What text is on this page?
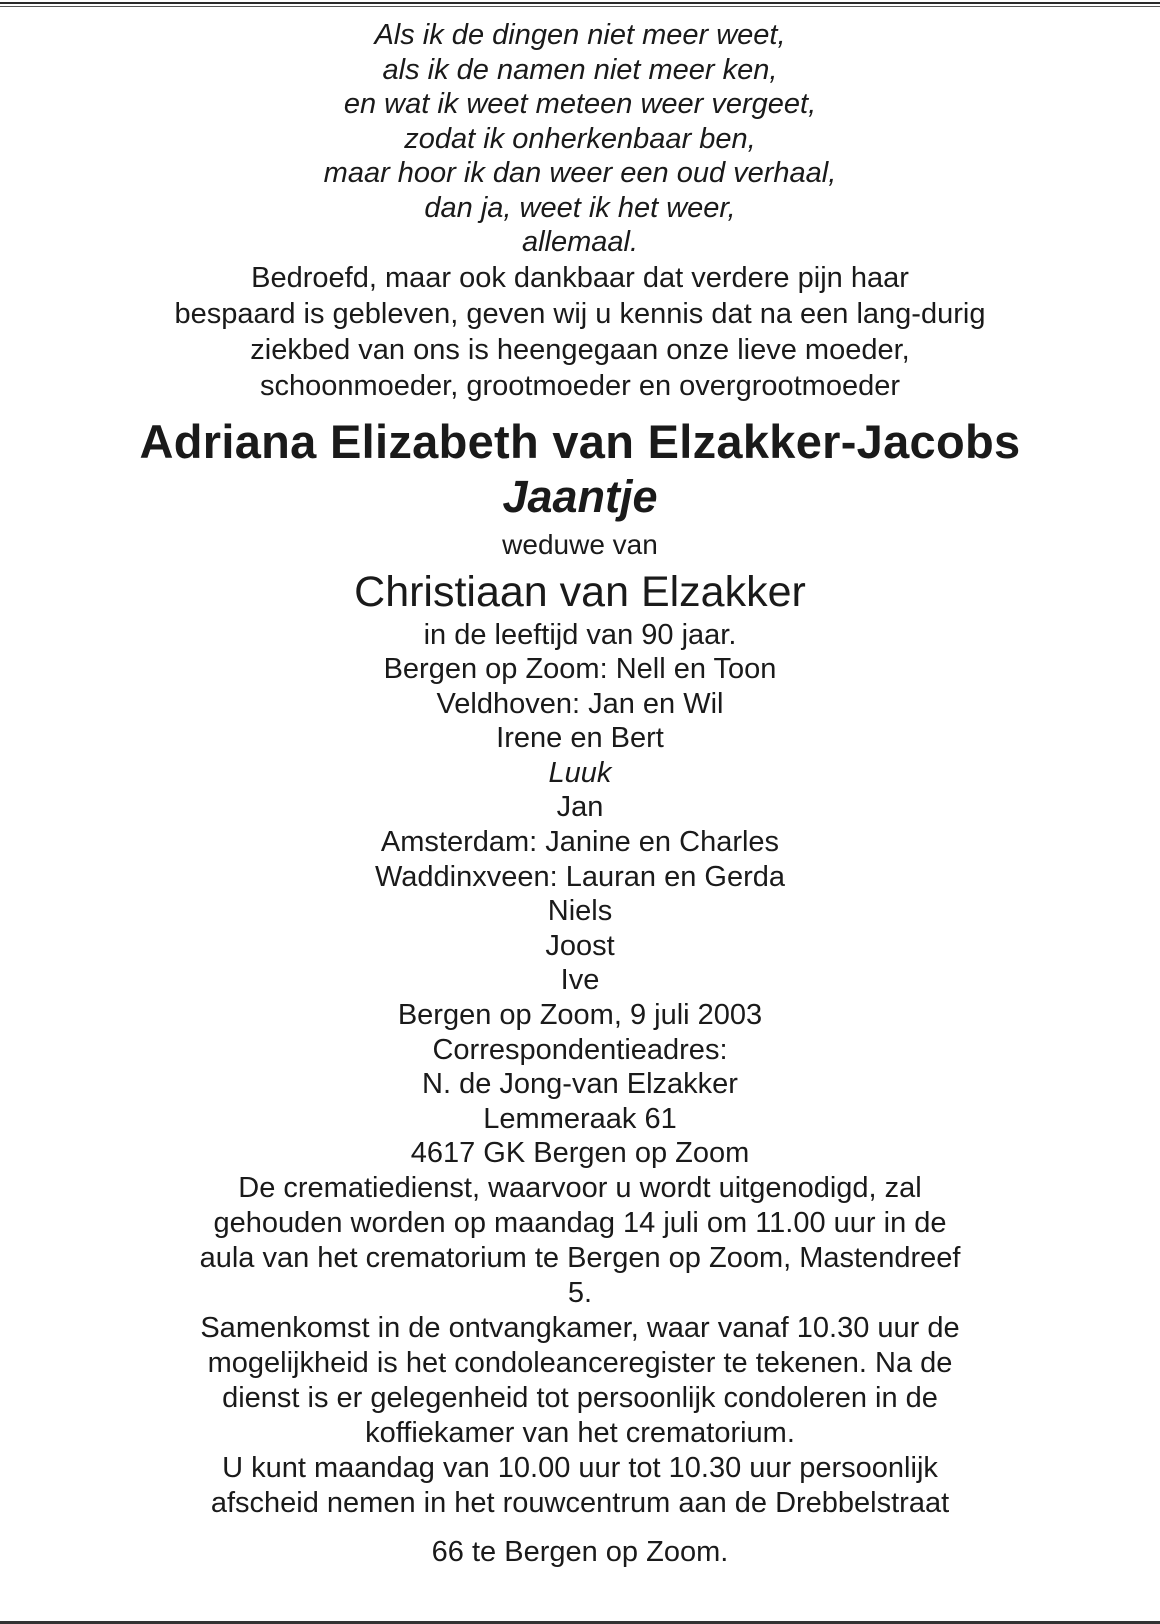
Als ik de dingen niet meer weet,
als ik de namen niet meer ken,
en wat ik weet meteen weer vergeet,
zodat ik onherkenbaar ben,
maar hoor ik dan weer een oud verhaal,
dan ja, weet ik het weer,
allemaal.
Bedroefd, maar ook dankbaar dat verdere pijn haar
bespaard is gebleven, geven wij u kennis dat na een lang-durig
ziekbed van ons is heengegaan onze lieve moeder,
schoonmoeder, grootmoeder en overgrootmoeder
Adriana Elizabeth van Elzakker-Jacobs
Jaantje
weduwe van
Christiaan van Elzakker
in de leeftijd van 90 jaar.
Bergen op Zoom: Nell en Toon
Veldhoven: Jan en Wil
Irene en Bert
Luuk
Jan
Amsterdam: Janine en Charles
Waddinxveen: Lauran en Gerda
Niels
Joost
Ive
Bergen op Zoom, 9 juli 2003
Correspondentieadres:
N. de Jong-van Elzakker
Lemmeraak 61
4617 GK Bergen op Zoom
De crematiedienst, waarvoor u wordt uitgenodigd, zal
gehouden worden op maandag 14 juli om 11.00 uur in de
aula van het crematorium te Bergen op Zoom, Mastendreef
5.
Samenkomst in de ontvangkamer, waar vanaf 10.30 uur de
mogelijkheid is het condoleanceregister te tekenen. Na de
dienst is er gelegenheid tot persoonlijk condoleren in de
koffiekamer van het crematorium.
U kunt maandag van 10.00 uur tot 10.30 uur persoonlijk
afscheid nemen in het rouwcentrum aan de Drebbelstraat
66 te Bergen op Zoom.
